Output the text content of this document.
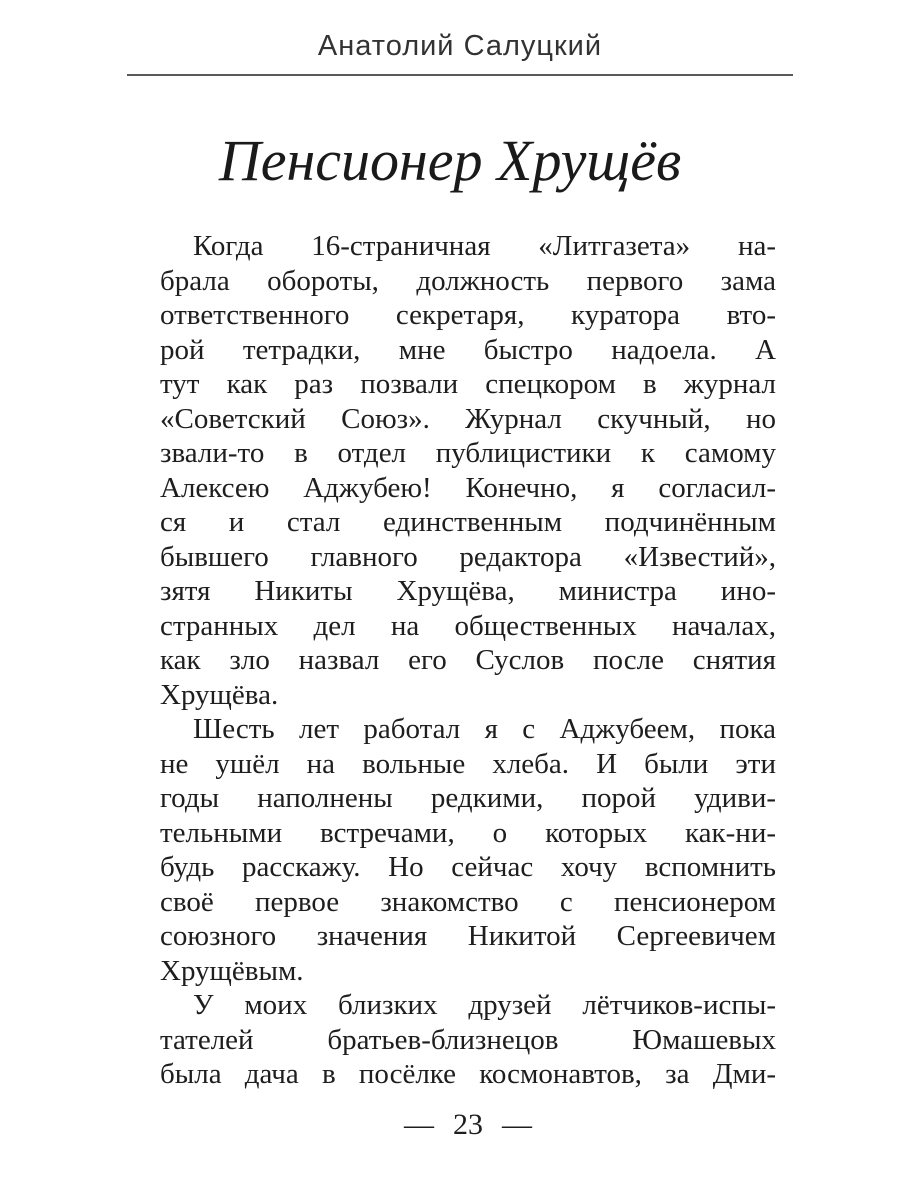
Анатолий Салуцкий
Пенсионер Хрущёв
Когда 16-страничная «Литгазета» на-
брала обороты, должность первого зама
ответственного секретаря, куратора вто-
рой тетрадки, мне быстро надоела. А
тут как раз позвали спецкором в журнал
«Советский Союз». Журнал скучный, но
звали-то в отдел публицистики к самому
Алексею Аджубею! Конечно, я согласил-
ся и стал единственным подчинённым
бывшего главного редактора «Известий»,
зятя Никиты Хрущёва, министра ино-
странных дел на общественных началах,
как зло назвал его Суслов после снятия
Хрущёва.
Шесть лет работал я с Аджубеем, пока
не ушёл на вольные хлеба. И были эти
годы наполнены редкими, порой удиви-
тельными встречами, о которых как-ни-
будь расскажу. Но сейчас хочу вспомнить
своё первое знакомство с пенсионером
союзного значения Никитой Сергеевичем
Хрущёвым.
У моих близких друзей лётчиков-испы-
тателей братьев-близнецов Юмашевых
была дача в посёлке космонавтов, за Дми-
— 23 —
